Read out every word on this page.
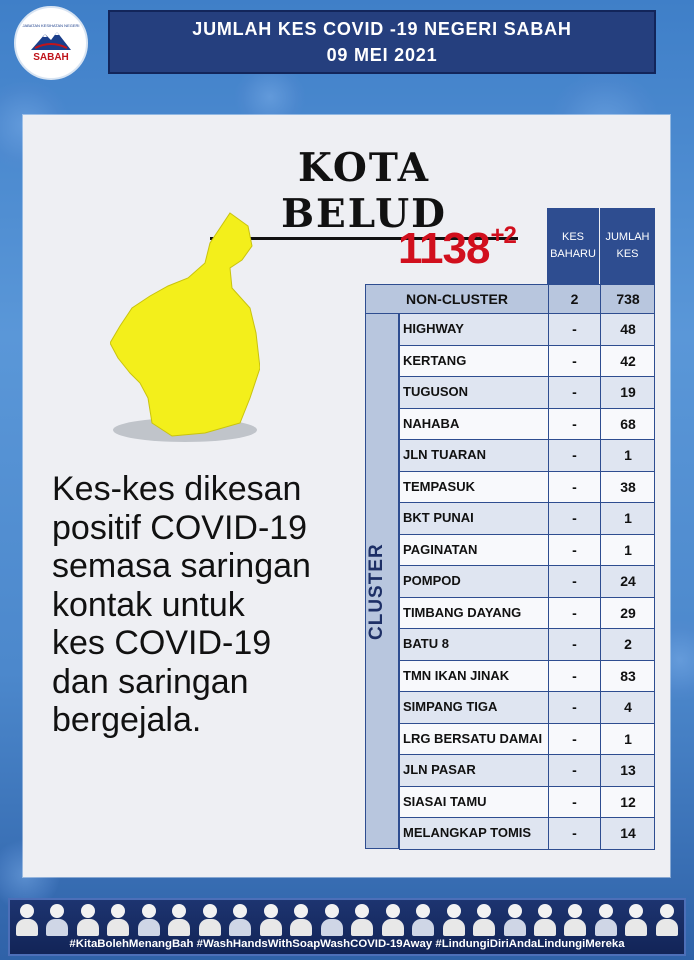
JABATAN KESIHATAN NEGERI
SABAH
JUMLAH KES COVID -19 NEGERI SABAH
09 MEI 2021
KOTA BELUD
$1138^{+2}$	KES
BAHARU
JUMLAH
KES
NON-CLUSTER	2	738
HIGHWAY	-	48
KERTANG	-	42
TUGUSON	-	19
NAHABA	-	68
JLN TUARAN	-	1
TEMPASUK	-	38
BKT PUNAI	-	1
PAGINATAN	-	1
POMPOD	-	24
TIMBANG DAYANG	-	29
BATU 8	-	2
TMN IKAN JINAK	-	83
SIMPANG TIGA	-	4
LRG BERSATU DAMAI	-	1
JLN PASAR	-	13
SIASAI TAMU	-	12
MELANGKAP TOMIS	-	14
Kes-kes dikesan
positif COVID-19
semasa saringan
kontak untuk
kes COVID-19
dan saringan
bergejala.
#KitaBolehMenangBah #WashHandsWithSoapWashCOVID-19Away #LindungiDiriAndaLindungiMereka
